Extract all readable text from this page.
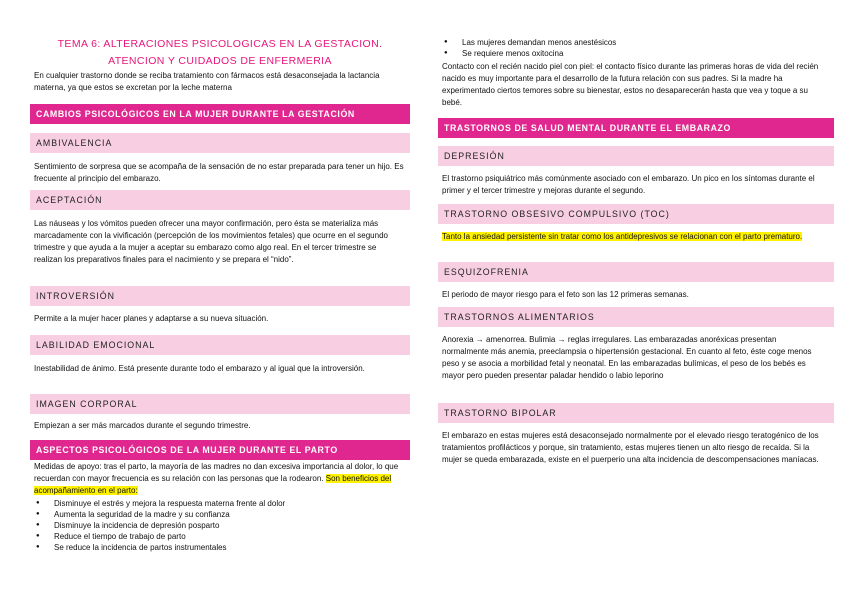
TEMA 6: ALTERACIONES PSICOLOGICAS EN LA GESTACION.
ATENCION Y CUIDADOS DE ENFERMERIA
En cualquier trastorno donde se reciba tratamiento con fármacos está desaconsejada la lactancia materna, ya que estos se excretan por la leche materna
CAMBIOS PSICOLÓGICOS EN LA MUJER DURANTE LA GESTACIÓN
AMBIVALENCIA
Sentimiento de sorpresa que se acompaña de la sensación de no estar preparada para tener un hijo. Es frecuente al principio del embarazo.
ACEPTACIÓN
Las náuseas y los vómitos pueden ofrecer una mayor confirmación, pero ésta se materializa más marcadamente con la vivificación (percepción de los movimientos fetales) que ocurre en el segundo trimestre y que ayuda a la mujer a aceptar su embarazo como algo real. En el tercer trimestre se realizan los preparativos finales para el nacimiento y se prepara el “nido”.
INTROVERSIÓN
Permite a la mujer hacer planes y adaptarse a su nueva situación.
LABILIDAD EMOCIONAL
Inestabilidad de ánimo. Está presente durante todo el embarazo y al igual que la introversión.
IMAGEN CORPORAL
Empiezan a ser más marcados durante el segundo trimestre.
ASPECTOS PSICOLÓGICOS DE LA MUJER DURANTE EL PARTO
Medidas de apoyo: tras el parto, la mayoría de las madres no dan excesiva importancia al dolor, lo que recuerdan con mayor frecuencia es su relación con las personas que la rodearon. Son beneficios del acompañamiento en el parto:
● Disminuye el estrés y mejora la respuesta materna frente al dolor
● Aumenta la seguridad de la madre y su confianza
● Disminuye la incidencia de depresión posparto
● Reduce el tiempo de trabajo de parto
● Se reduce la incidencia de partos instrumentales
● Las mujeres demandan menos anestésicos
● Se requiere menos oxitocina
Contacto con el recién nacido piel con piel: el contacto físico durante las primeras horas de vida del recién nacido es muy importante para el desarrollo de la futura relación con sus padres. Si la madre ha experimentado ciertos temores sobre su bienestar, estos no desaparecerán hasta que vea y toque a su bebé.
TRASTORNOS DE SALUD MENTAL DURANTE EL EMBARAZO
DEPRESIÓN
El trastorno psiquiátrico más comúnmente asociado con el embarazo. Un pico en los síntomas durante el primer y el tercer trimestre y mejoras durante el segundo.
TRASTORNO OBSESIVO COMPULSIVO (TOC)
Tanto la ansiedad persistente sin tratar como los antidepresivos se relacionan con el parto prematuro.
ESQUIZOFRENIA
El periodo de mayor riesgo para el feto son las 12 primeras semanas.
TRASTORNOS ALIMENTARIOS
Anorexia → amenorrea. Bulimia → reglas irregulares. Las embarazadas anoréxicas presentan normalmente más anemia, preeclampsia o hipertensión gestacional. En cuanto al feto, éste coge menos peso y se asocia a morbilidad fetal y neonatal. En las embarazadas bulímicas, el peso de los bebés es mayor pero pueden presentar paladar hendido o labio leporino
TRASTORNO BIPOLAR
El embarazo en estas mujeres está desaconsejado normalmente por el elevado riesgo teratogénico de los tratamientos profilácticos y porque, sin tratamiento, estas mujeres tienen un alto riesgo de recaída. Si la mujer se queda embarazada, existe en el puerperio una alta incidencia de descompensaciones maníacas.
